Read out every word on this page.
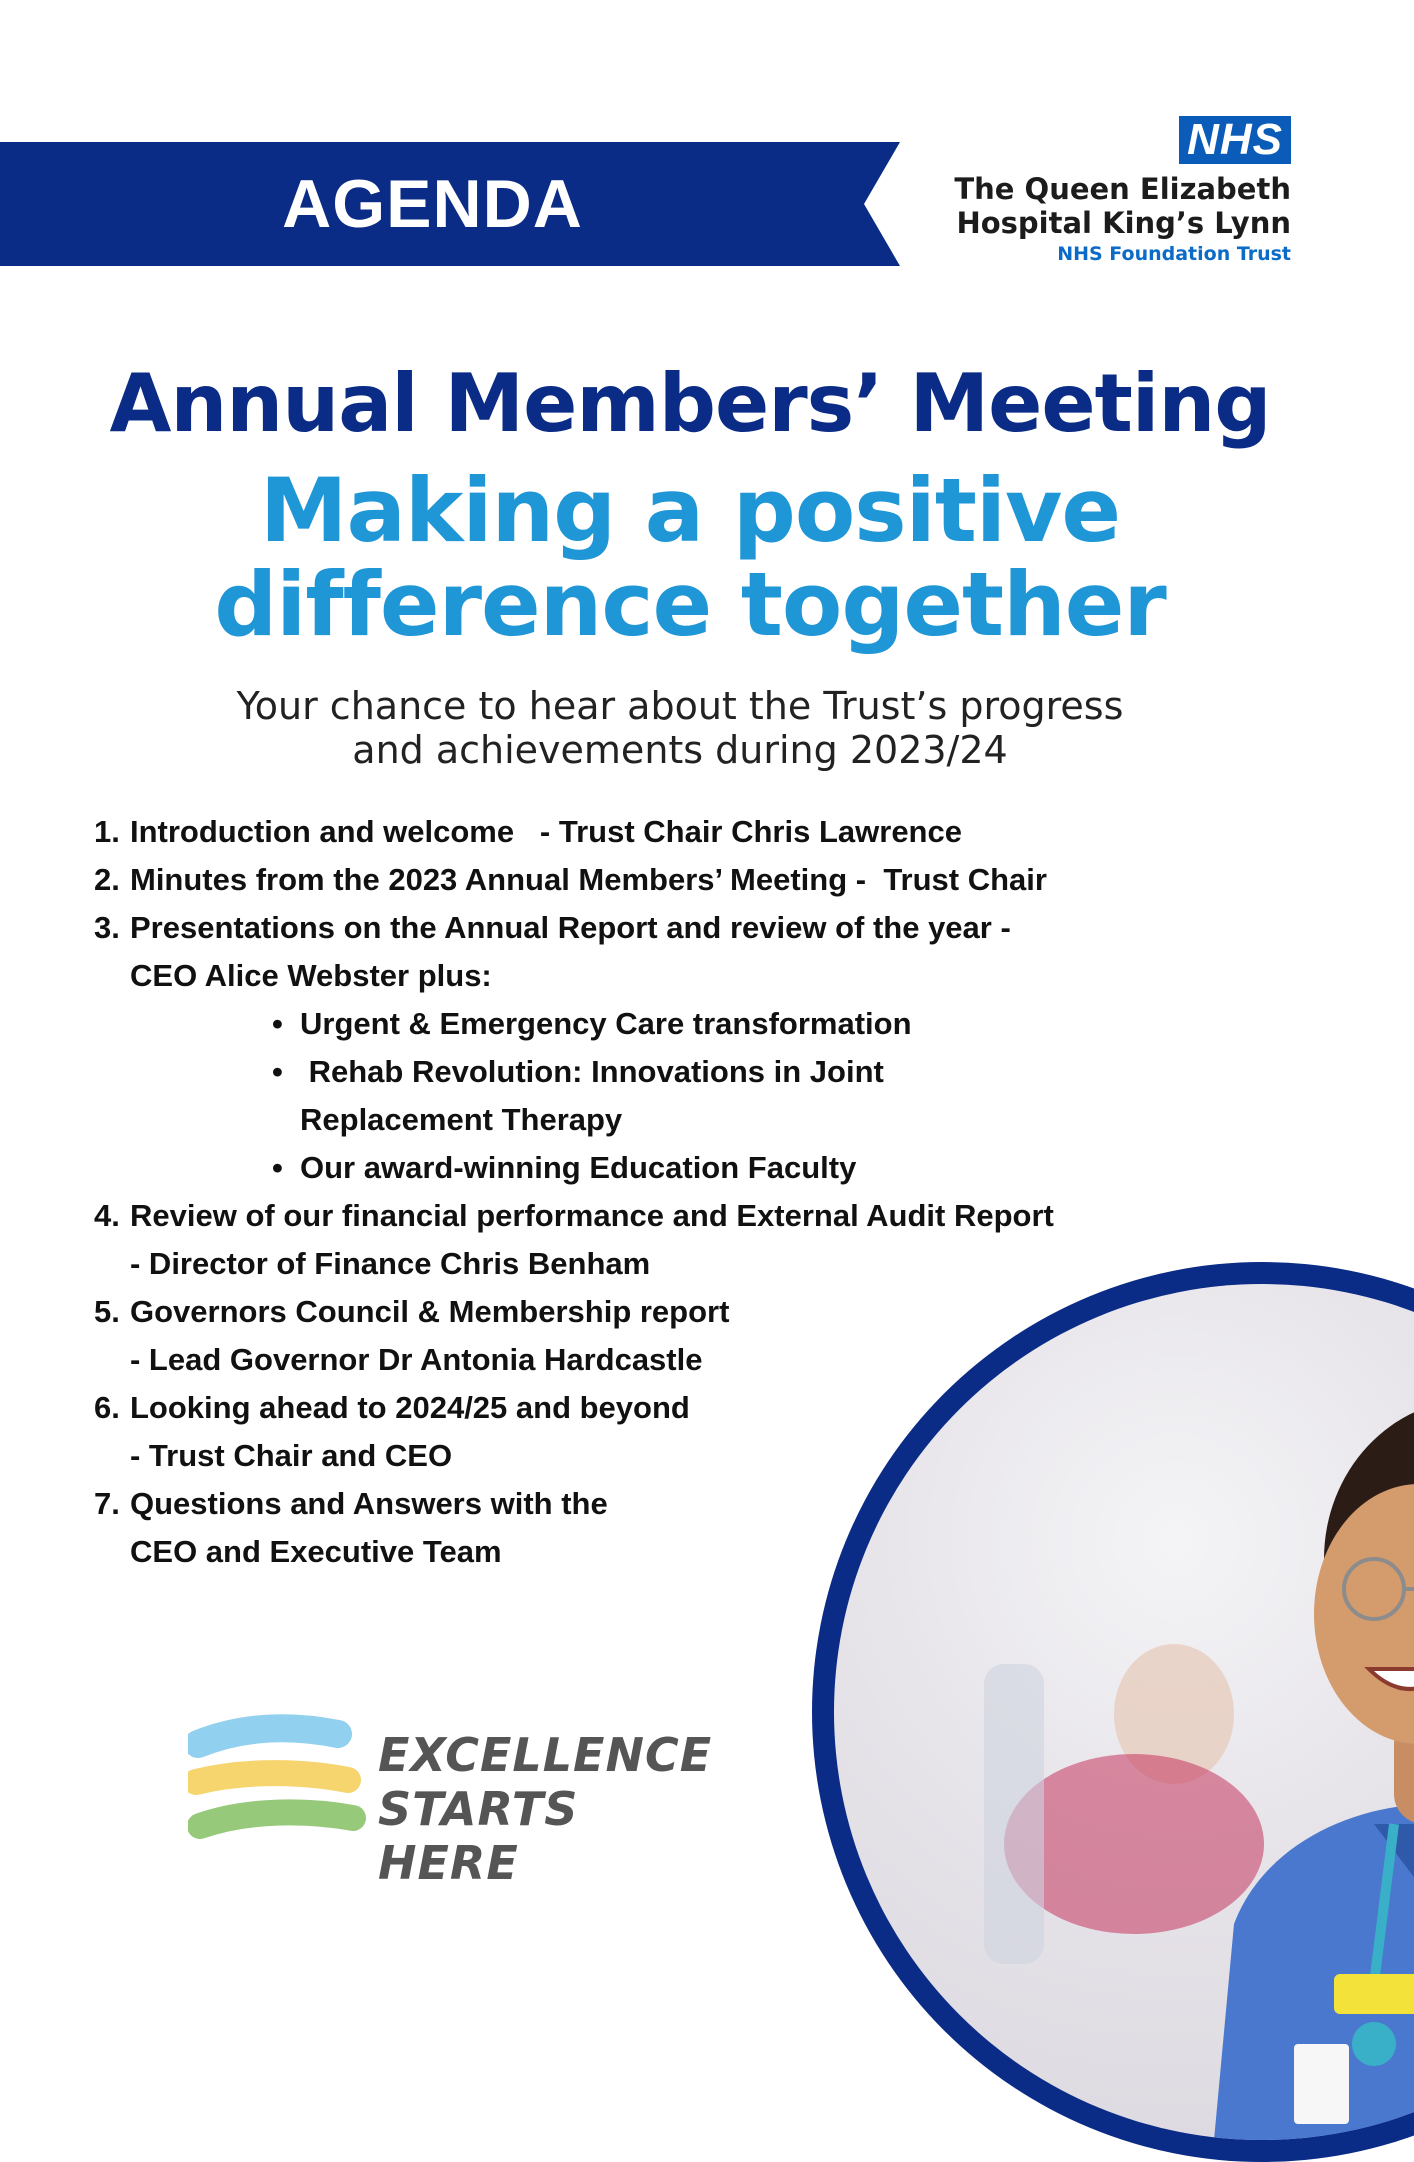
AGENDA
NHS
The Queen Elizabeth
Hospital King’s Lynn
NHS Foundation Trust
Annual Members’ Meeting
Making a positive
difference together
Your chance to hear about the Trust’s progress
and achievements during 2023/24
1. Introduction and welcome   - Trust Chair Chris Lawrence
2. Minutes from the 2023 Annual Members’ Meeting -  Trust Chair
3. Presentations on the Annual Report and review of the year -
CEO Alice Webster plus:
• Urgent & Emergency Care transformation
•  Rehab Revolution: Innovations in Joint
Replacement Therapy
• Our award-winning Education Faculty
4. Review of our financial performance and External Audit Report
- Director of Finance Chris Benham
5. Governors Council & Membership report
- Lead Governor Dr Antonia Hardcastle
6. Looking ahead to 2024/25 and beyond
- Trust Chair and CEO
7. Questions and Answers with the
CEO and Executive Team
EXCELLENCE
STARTS HERE
